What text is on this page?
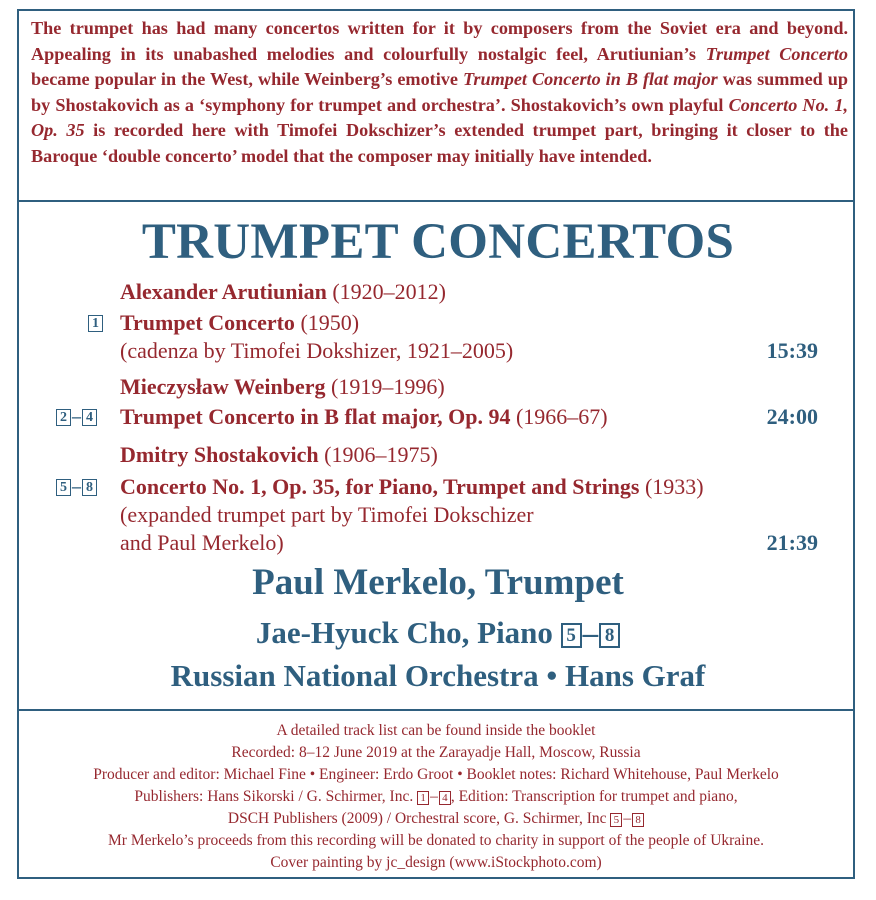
The trumpet has had many concertos written for it by composers from the Soviet era and beyond. Appealing in its unabashed melodies and colourfully nostalgic feel, Arutiunian’s Trumpet Concerto became popular in the West, while Weinberg’s emotive Trumpet Concerto in B flat major was summed up by Shostakovich as a ‘symphony for trumpet and orchestra’. Shostakovich’s own playful Concerto No. 1, Op. 35 is recorded here with Timofei Dokschizer’s extended trumpet part, bringing it closer to the Baroque ‘double concerto’ model that the composer may initially have intended.
TRUMPET CONCERTOS
Alexander Arutiunian (1920–2012)
1 Trumpet Concerto (1950)
(cadenza by Timofei Dokshizer, 1921–2005)	15:39
Mieczysław Weinberg (1919–1996)
2 – 4 Trumpet Concerto in B flat major, Op. 94 (1966–67)	24:00
Dmitry Shostakovich (1906–1975)
5 – 8 Concerto No. 1, Op. 35, for Piano, Trumpet and Strings (1933)
(expanded trumpet part by Timofei Dokschizer
and Paul Merkelo)	21:39
Paul Merkelo, Trumpet
Jae-Hyuck Cho, Piano 5 – 8
Russian National Orchestra • Hans Graf
A detailed track list can be found inside the booklet
Recorded: 8–12 June 2019 at the Zarayadje Hall, Moscow, Russia
Producer and editor: Michael Fine • Engineer: Erdo Groot • Booklet notes: Richard Whitehouse, Paul Merkelo
Publishers: Hans Sikorski / G. Schirmer, Inc. 1 – 4 , Edition: Transcription for trumpet and piano,
DSCH Publishers (2009) / Orchestral score, G. Schirmer, Inc 5 – 8
Mr Merkelo’s proceeds from this recording will be donated to charity in support of the people of Ukraine.
Cover painting by jc_design (www.iStockphoto.com)
